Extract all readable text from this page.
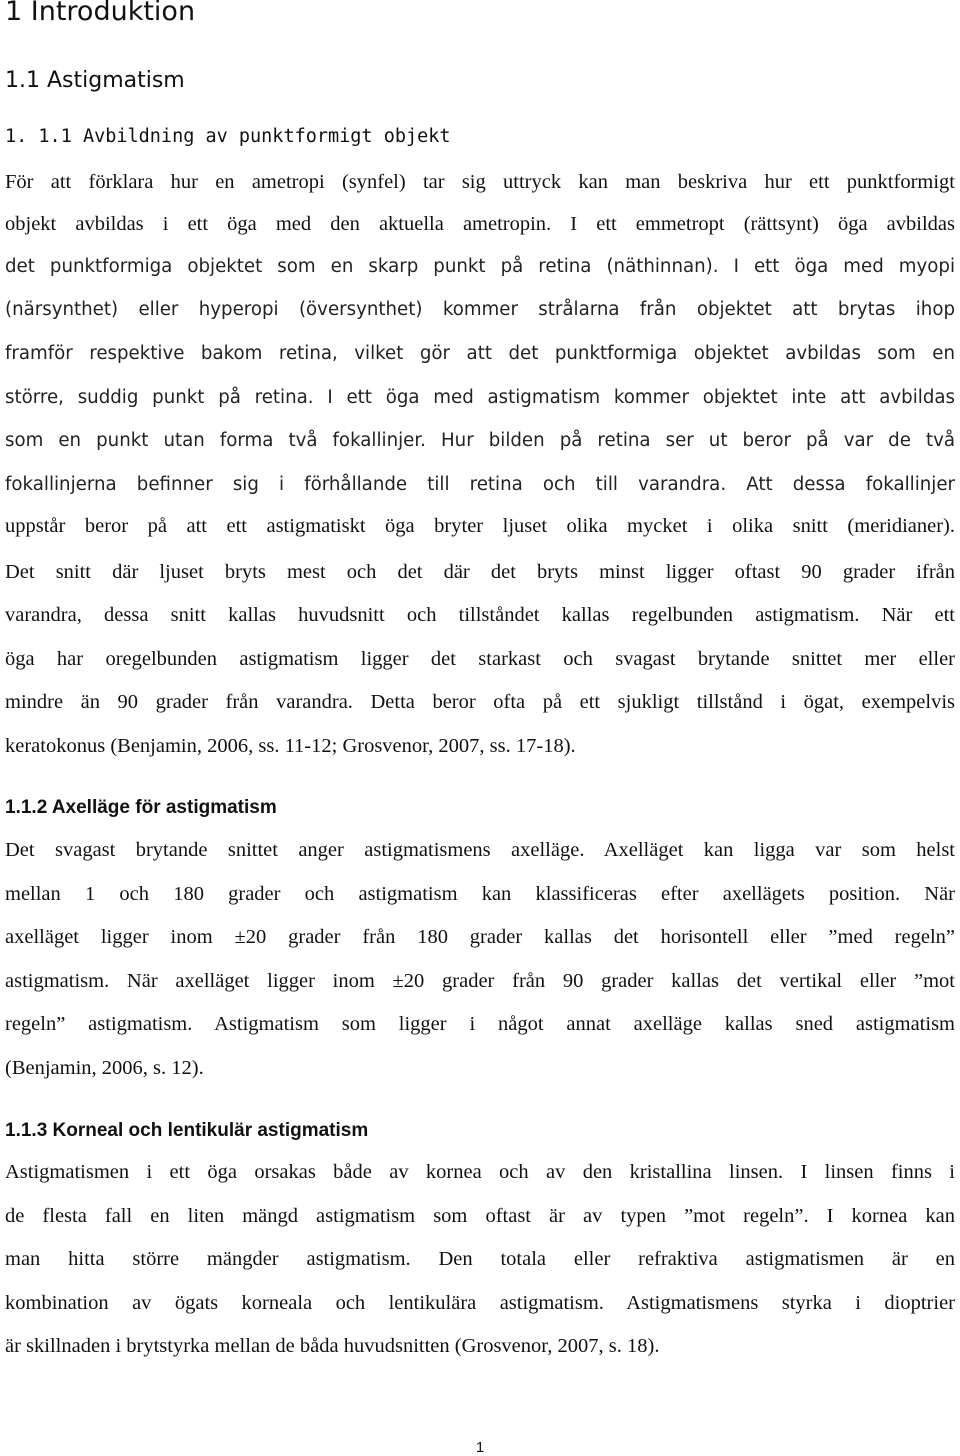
1 Introduktion
1.1 Astigmatism
1. 1.1 Avbildning av punktformigt objekt
För att förklara hur en ametropi (synfel) tar sig uttryck kan man beskriva hur ett punktformigt
objekt avbildas i ett öga med den aktuella ametropin. I ett emmetropt (rättsynt) öga avbildas
det punktformiga objektet som en skarp punkt på retina (näthinnan). I ett öga med myopi
(närsynthet) eller hyperopi (översynthet) kommer strålarna från objektet att brytas ihop
framför respektive bakom retina, vilket gör att det punktformiga objektet avbildas som en
större, suddig punkt på retina. I ett öga med astigmatism kommer objektet inte att avbildas
som en punkt utan forma två fokallinjer. Hur bilden på retina ser ut beror på var de två
fokallinjerna befinner sig i förhållande till retina och till varandra. Att dessa fokallinjer
uppstår beror på att ett astigmatiskt öga bryter ljuset olika mycket i olika snitt (meridianer).
Det snitt där ljuset bryts mest och det där det bryts minst ligger oftast 90 grader ifrån
varandra, dessa snitt kallas huvudsnitt och tillståndet kallas regelbunden astigmatism. När ett
öga har oregelbunden astigmatism ligger det starkast och svagast brytande snittet mer eller
mindre än 90 grader från varandra. Detta beror ofta på ett sjukligt tillstånd i ögat, exempelvis
keratokonus (Benjamin, 2006, ss. 11-12; Grosvenor, 2007, ss. 17-18).
1.1.2 Axelläge för astigmatism
Det svagast brytande snittet anger astigmatismens axelläge. Axelläget kan ligga var som helst
mellan 1 och 180 grader och astigmatism kan klassificeras efter axellägets position. När
axelläget ligger inom ±20 grader från 180 grader kallas det horisontell eller ”med regeln”
astigmatism. När axelläget ligger inom ±20 grader från 90 grader kallas det vertikal eller ”mot
regeln” astigmatism. Astigmatism som ligger i något annat axelläge kallas sned astigmatism
(Benjamin, 2006, s. 12).
1.1.3 Korneal och lentikulär astigmatism
Astigmatismen i ett öga orsakas både av kornea och av den kristallina linsen. I linsen finns i
de flesta fall en liten mängd astigmatism som oftast är av typen ”mot regeln”. I kornea kan
man hitta större mängder astigmatism. Den totala eller refraktiva astigmatismen är en
kombination av ögats korneala och lentikulära astigmatism. Astigmatismens styrka i dioptrier
är skillnaden i brytstyrka mellan de båda huvudsnitten (Grosvenor, 2007, s. 18).
1
